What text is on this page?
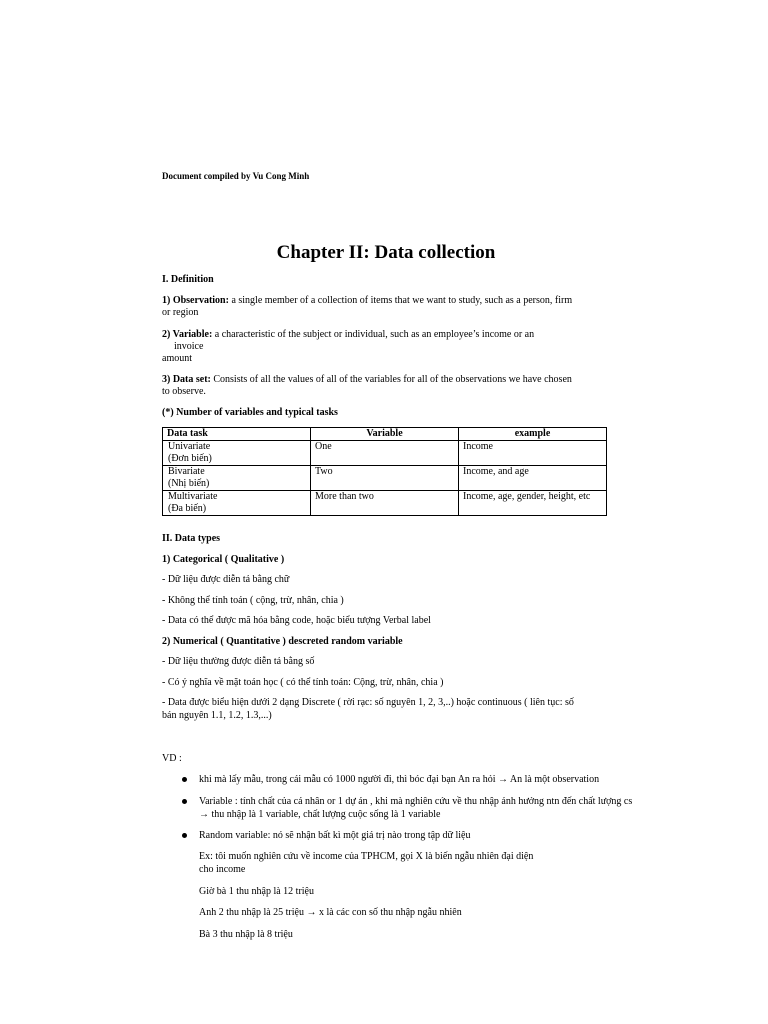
Document compiled by Vu Cong Minh
Chapter II: Data collection
I. Definition
1) Observation: a single member of a collection of items that we want to study, such as a person, firm
or region
2) Variable: a characteristic of the subject or individual, such as an employee’s income or an
invoice
amount
3) Data set: Consists of all the values of all of the variables for all of the observations we have chosen
to observe.
(*) Number of variables and typical tasks
Data task	Variable	example

Univariate
(Đơn biến)	One	Income

Bivariate
(Nhị biến)	Two	Income, and age

Multivariate
(Đa biến)	More than two	Income, age, gender, height, etc
II. Data types
1) Categorical ( Qualitative )
- Dữ liệu được diễn tả bằng chữ
- Không thể tính toán ( cộng, trừ, nhân, chia )
- Data có thể được mã hóa bằng code, hoặc biểu tượng Verbal label
2) Numerical ( Quantitative ) descreted random variable
- Dữ liệu thường được diễn tả bằng số
- Có ý nghĩa về mặt toán học ( có thể tính toán: Cộng, trừ, nhân, chia )
- Data được biểu hiện dưới 2 dạng Discrete ( rời rạc: số nguyên 1, 2, 3,..) hoặc continuous ( liên tục: số
bán nguyên 1.1, 1.2, 1.3,...)
VD :
khi mà lấy mẫu, trong cái mẫu có 1000 người đi, thì bóc đại bạn An ra hỏi → An là một observation
Variable : tính chất của cá nhân or 1 dự án , khi mà nghiên cứu về thu nhập ảnh hưởng ntn đến chất lượng cs
→ thu nhập là 1 variable, chất lượng cuộc sống là 1 variable
Random variable: nó sẽ nhận bất kì một giá trị nào trong tập dữ liệu
Ex: tôi muốn nghiên cứu về income của TPHCM, gọi X là biến ngẫu nhiên đại diện
cho income
Giờ bà 1 thu nhập là 12 triệu
Anh 2 thu nhập là 25 triệu → x là các con số thu nhập ngẫu nhiên
Bà 3 thu nhập là 8 triệu
